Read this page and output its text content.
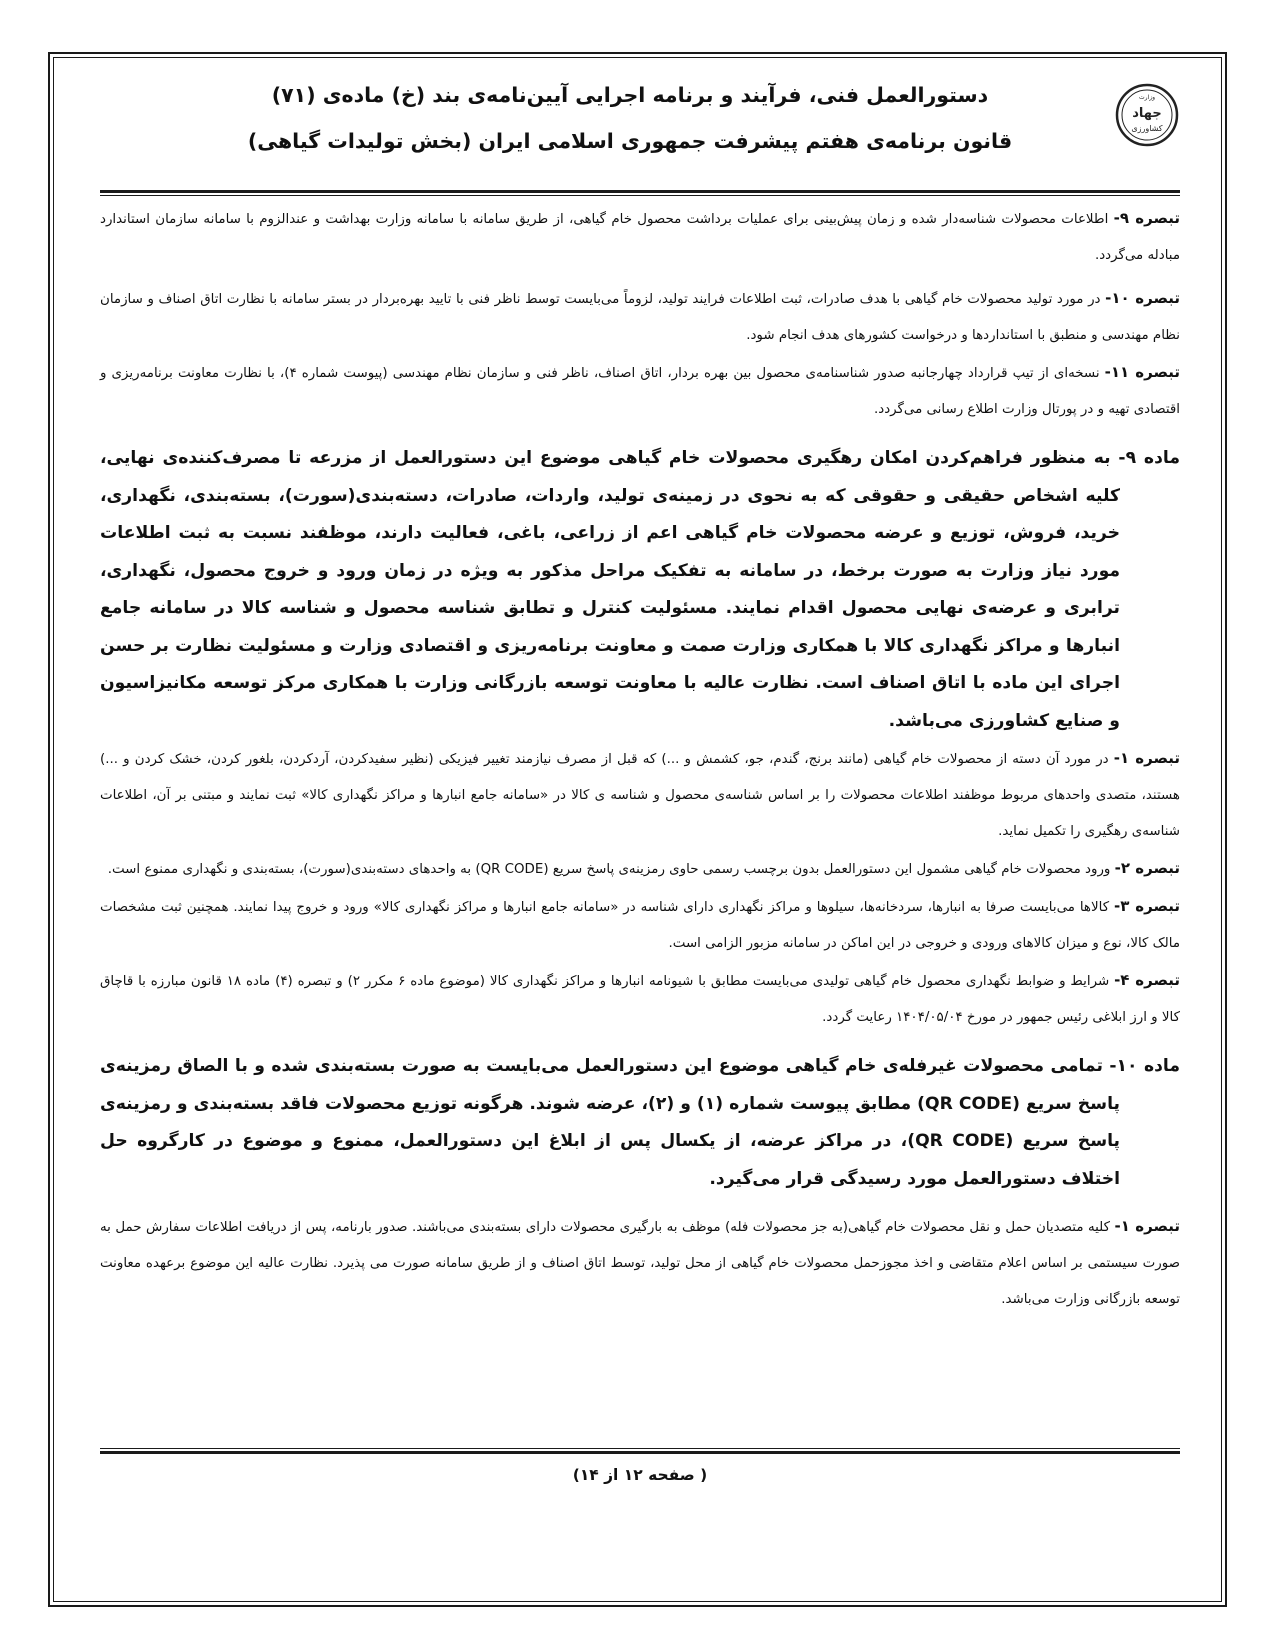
دستورالعمل فنی، فرآیند و برنامه اجرایی آیین‌نامه‌ی بند (خ) ماده‌ی (۷۱)
قانون برنامه‌ی هفتم پیشرفت جمهوری اسلامی ایران (بخش تولیدات گیاهی)
وزارت
جهاد
کشاورزی

تبصره ۹- اطلاعات محصولات شناسه‌دار شده و زمان پیش‌بینی برای عملیات برداشت محصول خام گیاهی، از طریق سامانه با سامانه وزارت بهداشت و عندالزوم با سامانه سازمان استاندارد مبادله می‌گردد.

تبصره ۱۰- در مورد تولید محصولات خام گیاهی با هدف صادرات، ثبت اطلاعات فرایند تولید، لزوماً می‌بایست توسط ناظر فنی با تایید بهره‌بردار در بستر سامانه با نظارت اتاق اصناف و سازمان نظام مهندسی و منطبق با استانداردها و درخواست کشورهای هدف انجام شود.

تبصره ۱۱- نسخه‌ای از تیپ قرارداد چهارجانبه صدور شناسنامه‌ی محصول بین بهره بردار، اتاق اصناف، ناظر فنی و سازمان نظام مهندسی (پیوست شماره ۴)، با نظارت معاونت برنامه‌ریزی و اقتصادی تهیه و در پورتال وزارت اطلاع رسانی می‌گردد.

ماده ۹- به منظور فراهم‌کردن امکان رهگیری محصولات خام گیاهی موضوع این دستورالعمل از مزرعه تا مصرف‌کننده‌ی نهایی، کلیه اشخاص حقیقی و حقوقی که به نحوی در زمینه‌ی تولید، واردات، صادرات، دسته‌بندی(سورت)، بسته‌بندی، نگهداری، خرید، فروش، توزیع و عرضه محصولات خام گیاهی اعم از زراعی، باغی، فعالیت دارند، موظفند نسبت به ثبت اطلاعات مورد نیاز وزارت به صورت برخط، در سامانه به تفکیک مراحل مذکور به ویژه در زمان ورود و خروج محصول، نگهداری، ترابری و عرضه‌ی نهایی محصول اقدام نمایند. مسئولیت کنترل و تطابق شناسه محصول و شناسه کالا در سامانه جامع انبارها و مراکز نگهداری کالا با همکاری وزارت صمت و معاونت برنامه‌ریزی و اقتصادی وزارت و مسئولیت نظارت بر حسن اجرای این ماده با اتاق اصناف است. نظارت عالیه با معاونت توسعه بازرگانی وزارت با همکاری مرکز توسعه مکانیزاسیون و صنایع کشاورزی می‌باشد.

تبصره ۱- در مورد آن دسته از محصولات خام گیاهی (مانند برنج، گندم، جو، کشمش و ...) که قبل از مصرف نیازمند تغییر فیزیکی (نظیر سفیدکردن، آردکردن، بلغور کردن، خشک کردن و ...) هستند، متصدی واحدهای مربوط موظفند اطلاعات محصولات را بر اساس شناسه‌ی محصول و شناسه ی کالا در «سامانه جامع انبارها و مراکز نگهداری کالا» ثبت نمایند و مبتنی بر آن، اطلاعات شناسه‌ی رهگیری را تکمیل نماید.

تبصره ۲- ورود محصولات خام گیاهی مشمول این دستورالعمل بدون برچسب رسمی حاوی رمزینه‌ی پاسخ سریع (QR CODE) به واحدهای دسته‌بندی(سورت)، بسته‌بندی و نگهداری ممنوع است.

تبصره ۳- کالاها می‌بایست صرفا به انبارها، سردخانه‌ها، سیلوها و مراکز نگهداری دارای شناسه در «سامانه جامع انبارها و مراکز نگهداری کالا» ورود و خروج پیدا نمایند. همچنین ثبت مشخصات مالک کالا، نوع و میزان کالاهای ورودی و خروجی در این اماکن در سامانه مزبور الزامی است.

تبصره ۴- شرایط و ضوابط نگهداری محصول خام گیاهی تولیدی می‌بایست مطابق با شیونامه انبارها و مراکز نگهداری کالا (موضوع ماده ۶ مکرر ۲) و تبصره (۴) ماده ۱۸ قانون مبارزه با قاچاق کالا و ارز ابلاغی رئیس جمهور در مورخ ۱۴۰۴/۰۵/۰۴ رعایت گردد.

ماده ۱۰- تمامی محصولات غیرفله‌ی خام گیاهی موضوع این دستورالعمل می‌بایست به صورت بسته‌بندی شده و با الصاق رمزینه‌ی پاسخ سریع (QR CODE) مطابق پیوست شماره (۱) و (۲)، عرضه شوند. هرگونه توزیع محصولات فاقد بسته‌بندی و رمزینه‌ی پاسخ سریع (QR CODE)، در مراکز عرضه، از یکسال پس از ابلاغ این دستورالعمل، ممنوع و موضوع در کارگروه حل اختلاف دستورالعمل مورد رسیدگی قرار می‌گیرد.

تبصره ۱- کلیه متصدیان حمل و نقل محصولات خام گیاهی(به جز محصولات فله) موظف به بارگیری محصولات دارای بسته‌بندی می‌باشند. صدور بارنامه، پس از دریافت اطلاعات سفارش حمل به صورت سیستمی بر اساس اعلام متقاضی و اخذ مجوزحمل محصولات خام گیاهی از محل تولید، توسط اتاق اصناف و از طریق سامانه صورت می پذیرد. نظارت عالیه این موضوع برعهده معاونت توسعه بازرگانی وزارت می‌باشد.

( صفحه ۱۲ از ۱۴)
